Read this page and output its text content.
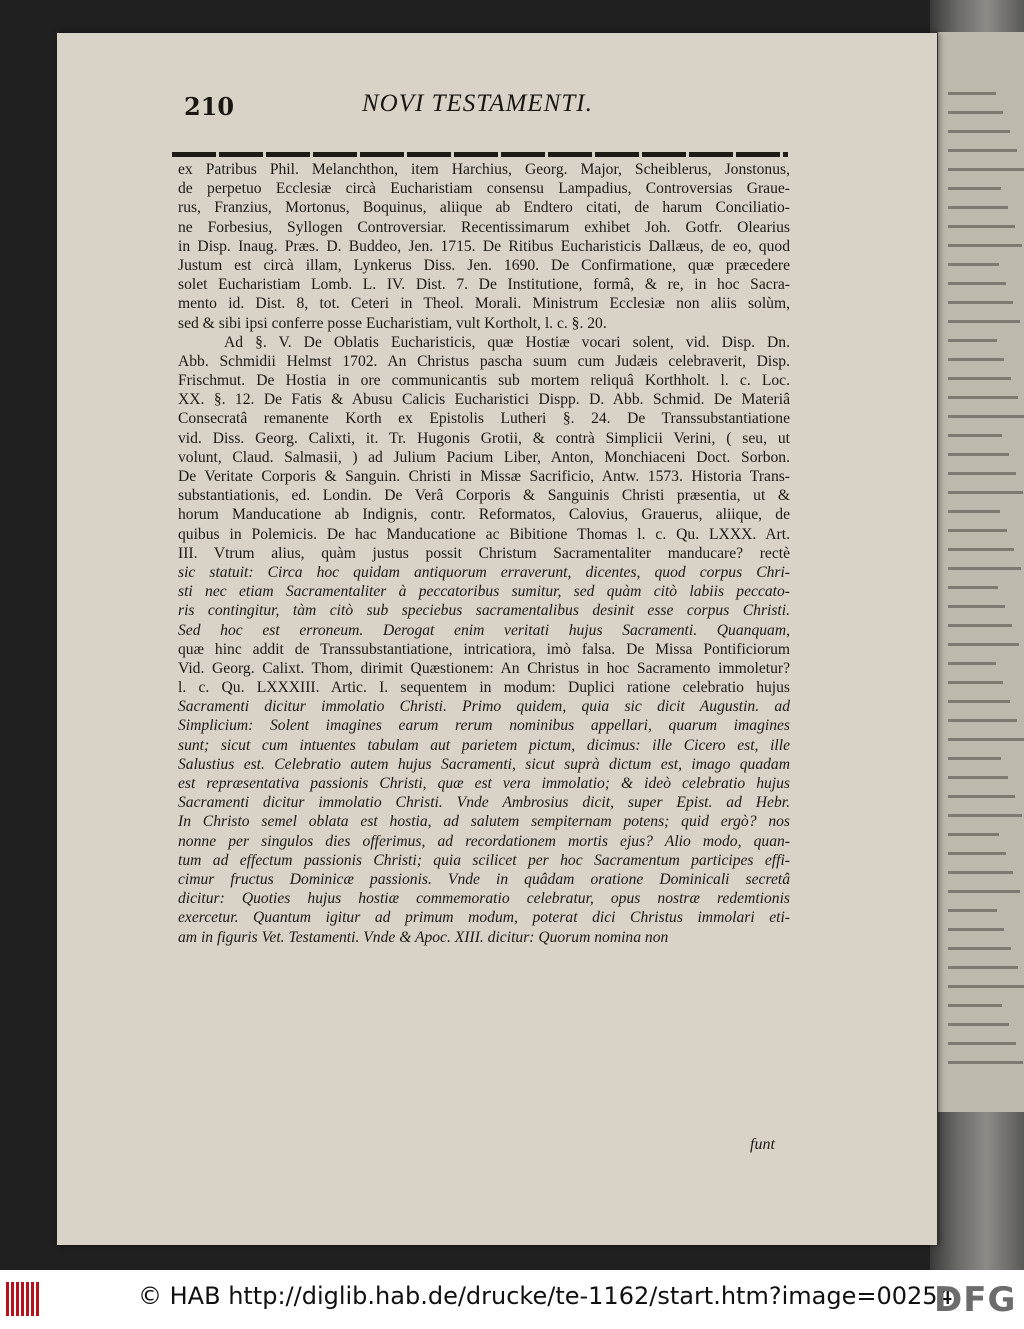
210	NOVI TESTAMENTI.
ex Patribus Phil. Melanchthon, item Harchius, Georg. Major, Scheiblerus, Jonstonus,
de perpetuo Ecclesiæ circà Eucharistiam consensu Lampadius, Controversias Graue-
rus, Franzius, Mortonus, Boquinus, aliique ab Endtero citati, de harum Conciliatio-
ne Forbesius, Syllogen Controversiar. Recentissimarum exhibet Joh. Gotfr. Olearius
in Disp. Inaug. Præs. D. Buddeo, Jen. 1715. De Ritibus Eucharisticis Dallæus, de eo, quod
Justum est circà illam, Lynkerus Diss. Jen. 1690. De Confirmatione, quæ præcedere
solet Eucharistiam Lomb. L. IV. Dist. 7. De Institutione, formâ, & re, in hoc Sacra-
mento id. Dist. 8, tot. Ceteri in Theol. Morali. Ministrum Ecclesiæ non aliis solùm,
sed & sibi ipsi conferre posse Eucharistiam, vult Kortholt, l. c. §. 20.
Ad §. V. De Oblatis Eucharisticis, quæ Hostiæ vocari solent, vid. Disp. Dn.
Abb. Schmidii Helmst 1702. An Christus pascha suum cum Judæis celebraverit, Disp.
Frischmut. De Hostia in ore communicantis sub mortem reliquâ Korthholt. l. c. Loc.
XX. §. 12. De Fatis & Abusu Calicis Eucharistici Dispp. D. Abb. Schmid. De Materiâ
Consecratâ remanente Korth ex Epistolis Lutheri §. 24. De Transsubstantiatione
vid. Diss. Georg. Calixti, it. Tr. Hugonis Grotii, & contrà Simplicii Verini, ( seu, ut
volunt, Claud. Salmasii, ) ad Julium Pacium Liber, Anton, Monchiaceni Doct. Sorbon.
De Veritate Corporis & Sanguin. Christi in Missæ Sacrificio, Antw. 1573. Historia Trans-
substantiationis, ed. Londin. De Verâ Corporis & Sanguinis Christi præsentia, ut &
horum Manducatione ab Indignis, contr. Reformatos, Calovius, Grauerus, aliique, de
quibus in Polemicis. De hac Manducatione ac Bibitione Thomas l. c. Qu. LXXX. Art.
III. Vtrum alius, quàm justus possit Christum Sacramentaliter manducare? rectè
sic statuit: Circa hoc quidam antiquorum erraverunt, dicentes, quod corpus Chri-
sti nec etiam Sacramentaliter à peccatoribus sumitur, sed quàm citò labiis peccato-
ris contingitur, tàm citò sub speciebus sacramentalibus desinit esse corpus Christi.
Sed hoc est erroneum. Derogat enim veritati hujus Sacramenti. Quanquam,
quæ hinc addit de Transsubstantiatione, intricatiora, imò falsa. De Missa Pontificiorum
Vid. Georg. Calixt. Thom, dirimit Quæstionem: An Christus in hoc Sacramento immoletur?
l. c. Qu. LXXXIII. Artic. I. sequentem in modum: Duplici ratione celebratio hujus
Sacramenti dicitur immolatio Christi. Primo quidem, quia sic dicit Augustin. ad
Simplicium: Solent imagines earum rerum nominibus appellari, quarum imagines
sunt; sicut cum intuentes tabulam aut parietem pictum, dicimus: ille Cicero est, ille
Salustius est. Celebratio autem hujus Sacramenti, sicut suprà dictum est, imago quadam
est repræsentativa passionis Christi, quæ est vera immolatio; & ideò celebratio hujus
Sacramenti dicitur immolatio Christi. Vnde Ambrosius dicit, super Epist. ad Hebr.
In Christo semel oblata est hostia, ad salutem sempiternam potens; quid ergò? nos
nonne per singulos dies offerimus, ad recordationem mortis ejus? Alio modo, quan-
tum ad effectum passionis Christi; quia scilicet per hoc Sacramentum participes effi-
cimur fructus Dominicæ passionis. Vnde in quâdam oratione Dominicali secretâ
dicitur: Quoties hujus hostiæ commemoratio celebratur, opus nostræ redemtionis
exercetur. Quantum igitur ad primum modum, poterat dici Christus immolari eti-
am in figuris Vet. Testamenti. Vnde & Apoc. XIII. dicitur: Quorum nomina non
funt
© HAB http://diglib.hab.de/drucke/te-1162/start.htm?image=00254
DFG
